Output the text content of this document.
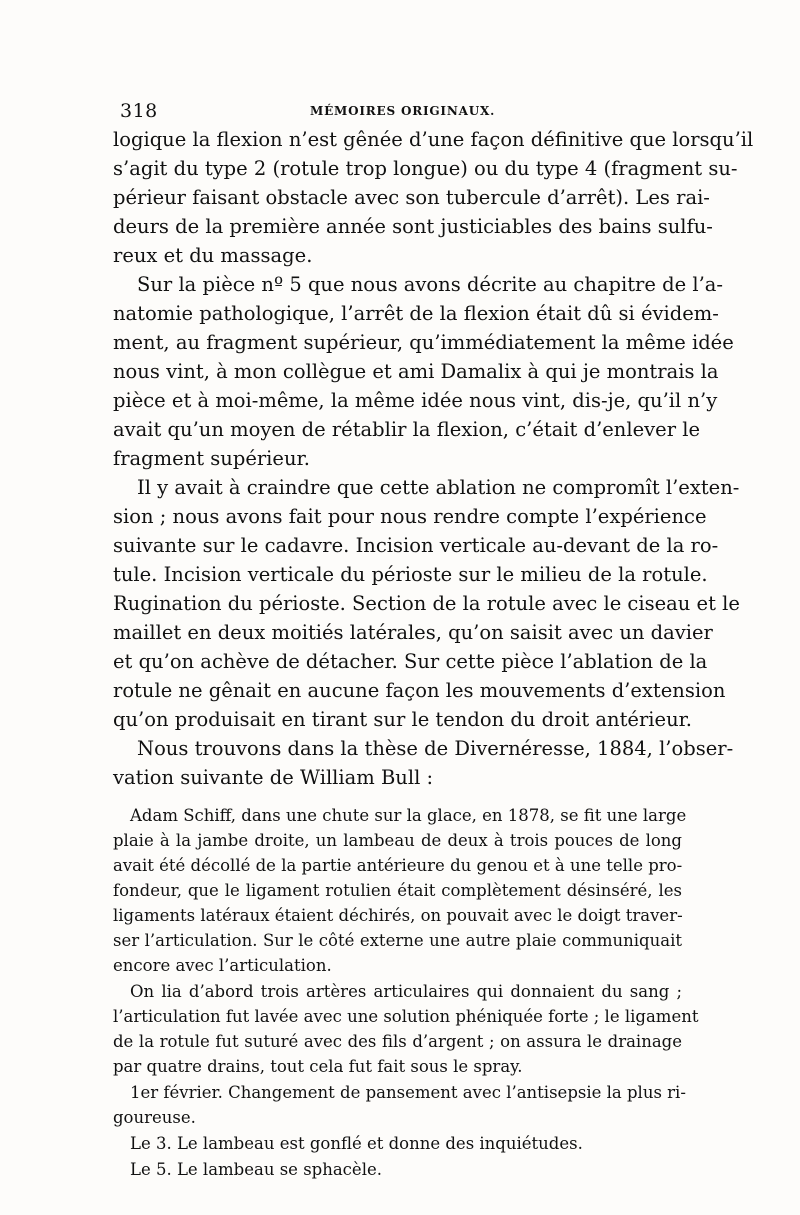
318	MÉMOIRES ORIGINAUX.
logique la flexion n’est gênée d’une façon définitive que lorsqu’il
s’agit du type 2 (rotule trop longue) ou du type 4 (fragment su-
périeur faisant obstacle avec son tubercule d’arrêt). Les rai-
deurs de la première année sont justiciables des bains sulfu-
reux et du massage.
Sur la pièce nº 5 que nous avons décrite au chapitre de l’a-
natomie pathologique, l’arrêt de la flexion était dû si évidem-
ment, au fragment supérieur, qu’immédiatement la même idée
nous vint, à mon collègue et ami Damalix à qui je montrais la
pièce et à moi-même, la même idée nous vint, dis-je, qu’il n’y
avait qu’un moyen de rétablir la flexion, c’était d’enlever le
fragment supérieur.
Il y avait à craindre que cette ablation ne compromît l’exten-
sion ; nous avons fait pour nous rendre compte l’expérience
suivante sur le cadavre. Incision verticale au-devant de la ro-
tule. Incision verticale du périoste sur le milieu de la rotule.
Rugination du périoste. Section de la rotule avec le ciseau et le
maillet en deux moitiés latérales, qu’on saisit avec un davier
et qu’on achève de détacher. Sur cette pièce l’ablation de la
rotule ne gênait en aucune façon les mouvements d’extension
qu’on produisait en tirant sur le tendon du droit antérieur.
Nous trouvons dans la thèse de Divernéresse, 1884, l’obser-
vation suivante de William Bull :
Adam Schiff, dans une chute sur la glace, en 1878, se fit une large
plaie à la jambe droite, un lambeau de deux à trois pouces de long
avait été décollé de la partie antérieure du genou et à une telle pro-
fondeur, que le ligament rotulien était complètement désinséré, les
ligaments latéraux étaient déchirés, on pouvait avec le doigt traver-
ser l’articulation. Sur le côté externe une autre plaie communiquait
encore avec l’articulation.
On lia d’abord trois artères articulaires qui donnaient du sang ;
l’articulation fut lavée avec une solution phéniquée forte ; le ligament
de la rotule fut suturé avec des fils d’argent ; on assura le drainage
par quatre drains, tout cela fut fait sous le spray.
1er février. Changement de pansement avec l’antisepsie la plus ri-
goureuse.
Le 3. Le lambeau est gonflé et donne des inquiétudes.
Le 5. Le lambeau se sphacèle.
